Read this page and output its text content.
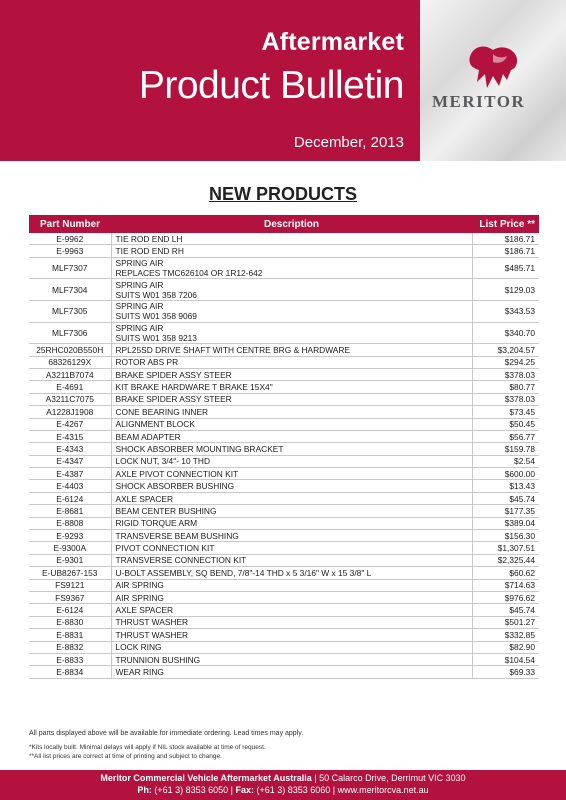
Aftermarket
Product Bulletin
December, 2013
MERITOR
NEW PRODUCTS
Part Number	Description	List Price **
E-9962	TIE ROD END LH	$186.71
E-9963	TIE ROD END RH	$186.71
MLF7307	SPRING AIR
REPLACES TMC626104 OR 1R12-642	$485.71
MLF7304	SPRING AIR
SUITS W01 358 7206	$129.03
MLF7305	SPRING AIR
SUITS W01 358 9069	$343.53
MLF7306	SPRING AIR
SUITS W01 358 9213	$340.70
25RHC020B550H	RPL25SD DRIVE SHAFT WITH CENTRE BRG & HARDWARE	$3,204.57
68326129X	ROTOR ABS PR	$294.25
A3211B7074	BRAKE SPIDER ASSY STEER	$378.03
E-4691	KIT BRAKE HARDWARE T BRAKE 15X4"	$80.77
A3211C7075	BRAKE SPIDER ASSY STEER	$378.03
A1228J1908	CONE BEARING INNER	$73.45
E-4267	ALIGNMENT BLOCK	$50.45
E-4315	BEAM ADAPTER	$56.77
E-4343	SHOCK ABSORBER MOUNTING BRACKET	$159.78
E-4347	LOCK NUT, 3/4"- 10 THD	$2.54
E-4387	AXLE PIVOT CONNECTION KIT	$600.00
E-4403	SHOCK ABSORBER BUSHING	$13.43
E-6124	AXLE SPACER	$45.74
E-8681	BEAM CENTER BUSHING	$177.35
E-8808	RIGID TORQUE ARM	$389.04
E-9293	TRANSVERSE BEAM BUSHING	$156.30
E-9300A	PIVOT CONNECTION KIT	$1,307.51
E-9301	TRANSVERSE CONNECTION KIT	$2,325.44
E-UB8267-153	U-BOLT ASSEMBLY, SQ BEND, 7/8"-14 THD x 5 3/16" W x 15 3/8" L	$60.62
FS9121	AIR SPRING	$714.63
FS9367	AIR SPRING	$976.62
E-6124	AXLE SPACER	$45.74
E-8830	THRUST WASHER	$501.27
E-8831	THRUST WASHER	$332.85
E-8832	LOCK RING	$82.90
E-8833	TRUNNION BUSHING	$104.54
E-8834	WEAR RING	$69.33
All parts displayed above will be available for immediate ordering. Lead times may apply.
*Kits locally built. Minimal delays will apply if NIL stock available at time of request.
**All list prices are correct at time of printing and subject to change.
Meritor Commercial Vehicle Aftermarket Australia | 50 Calarco Drive, Derrimut VIC 3030
Ph: (+61 3) 8353 6050 | Fax: (+61 3) 8353 6060 | www.meritorcva.net.au
